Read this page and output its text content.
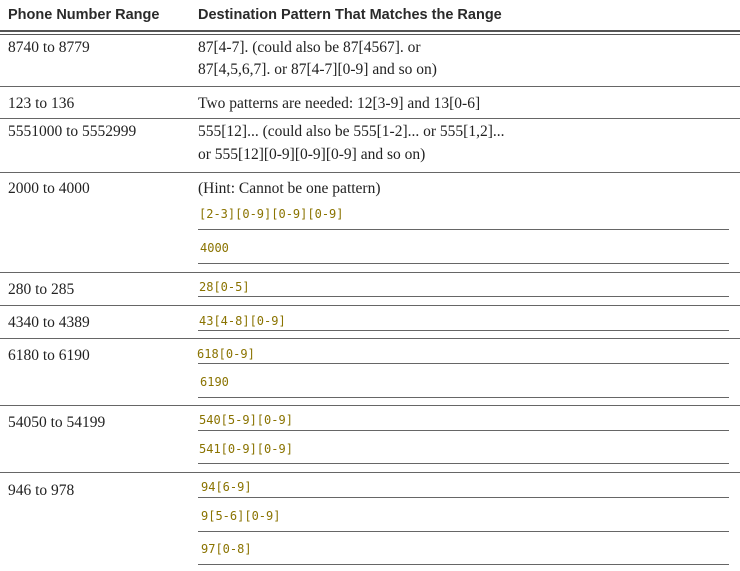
Phone Number Range	Destination Pattern That Matches the Range
8740 to 8779	87[4-7]. (could also be 87[4567]. or
87[4,5,6,7]. or 87[4-7][0-9] and so on)
123 to 136	Two patterns are needed: 12[3-9] and 13[0-6]
5551000 to 5552999	555[12]... (could also be 555[1-2]... or 555[1,2]...
or 555[12][0-9][0-9][0-9] and so on)
2000 to 4000	(Hint: Cannot be one pattern)
[2-3][0-9][0-9][0-9]
4000
280 to 285	28[0-5]
4340 to 4389	43[4-8][0-9]
6180 to 6190	618[0-9]
6190
54050 to 54199	540[5-9][0-9]
541[0-9][0-9]
946 to 978	94[6-9]
9[5-6][0-9]
97[0-8]
